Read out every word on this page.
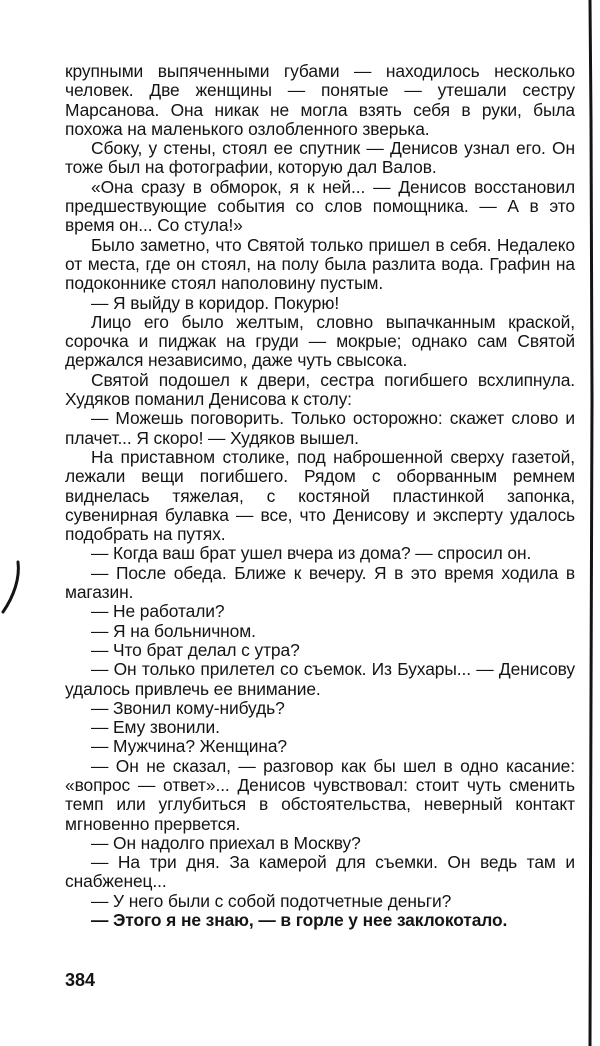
крупными выпяченными губами — находилось несколько человек. Две женщины — понятые — утешали сестру Марсанова. Она никак не могла взять себя в руки, была похожа на маленького озлобленного зверька.

Сбоку, у стены, стоял ее спутник — Денисов узнал его. Он тоже был на фотографии, которую дал Валов.

«Она сразу в обморок, я к ней... — Денисов восстановил предшествующие события со слов помощника. — А в это время он... Со стула!»

Было заметно, что Святой только пришел в себя. Недалеко от места, где он стоял, на полу была разлита вода. Графин на подоконнике стоял наполовину пустым.

— Я выйду в коридор. Покурю!

Лицо его было желтым, словно выпачканным краской, сорочка и пиджак на груди — мокрые; однако сам Святой держался независимо, даже чуть свысока.

Святой подошел к двери, сестра погибшего всхлипнула. Худяков поманил Денисова к столу:

— Можешь поговорить. Только осторожно: скажет слово и плачет... Я скоро! — Худяков вышел.

На приставном столике, под наброшенной сверху газетой, лежали вещи погибшего. Рядом с оборванным ремнем виднелась тяжелая, с костяной пластинкой запонка, сувенирная булавка — все, что Денисову и эксперту удалось подобрать на путях.

— Когда ваш брат ушел вчера из дома? — спросил он.

— После обеда. Ближе к вечеру. Я в это время ходила в магазин.

— Не работали?

— Я на больничном.

— Что брат делал с утра?

— Он только прилетел со съемок. Из Бухары... — Денисову удалось привлечь ее внимание.

— Звонил кому-нибудь?

— Ему звонили.

— Мужчина? Женщина?

— Он не сказал, — разговор как бы шел в одно касание: «вопрос — ответ»... Денисов чувствовал: стоит чуть сменить темп или углубиться в обстоятельства, неверный контакт мгновенно прервется.

— Он надолго приехал в Москву?

— На три дня. За камерой для съемки. Он ведь там и снабженец...

— У него были с собой подотчетные деньги?

— Этого я не знаю, — в горле у нее заклокотало.

384
